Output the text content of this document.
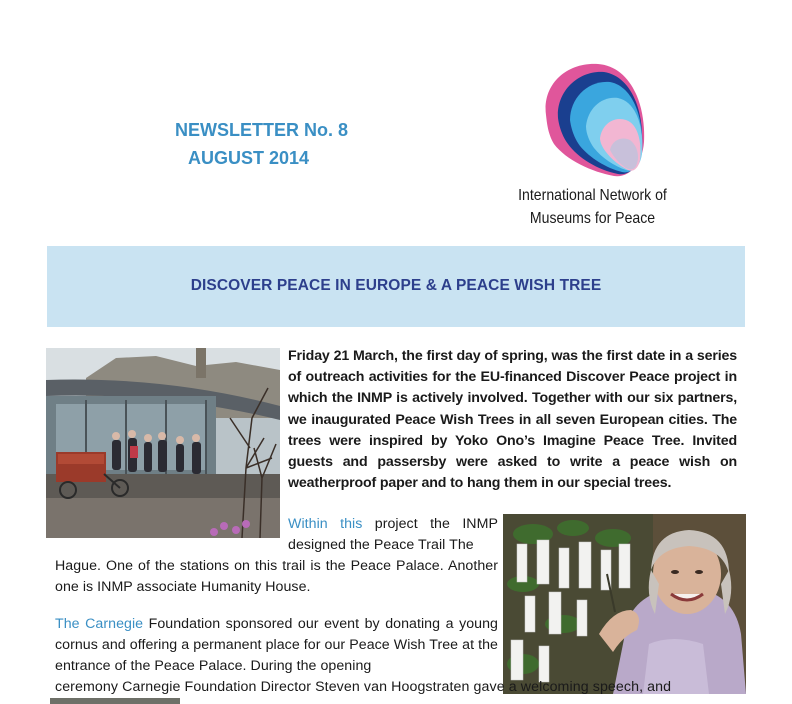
NEWSLETTER No. 8
AUGUST 2014
International Network of
Museums for Peace
DISCOVER PEACE IN EUROPE & A PEACE WISH TREE
Friday 21 March, the first day of spring, was the first date in a series of outreach activities for the EU-financed Discover Peace project in which the INMP is actively involved. Together with our six partners, we inaugurated Peace Wish Trees in all seven European cities. The trees were inspired by Yoko Ono’s Imagine Peace Tree. Invited guests and passersby were asked to write a peace wish on weatherproof paper and to hang them in our special trees.
Within this project the INMP
designed the Peace Trail The
Hague. One of the stations on this trail is the Peace Palace. Another one is INMP associate Humanity House.
The Carnegie Foundation sponsored our event by donating a young cornus and offering a permanent place for our Peace Wish Tree at the entrance of the Peace Palace. During the opening
ceremony Carnegie Foundation Director Steven van Hoogstraten gave a welcoming speech, and
